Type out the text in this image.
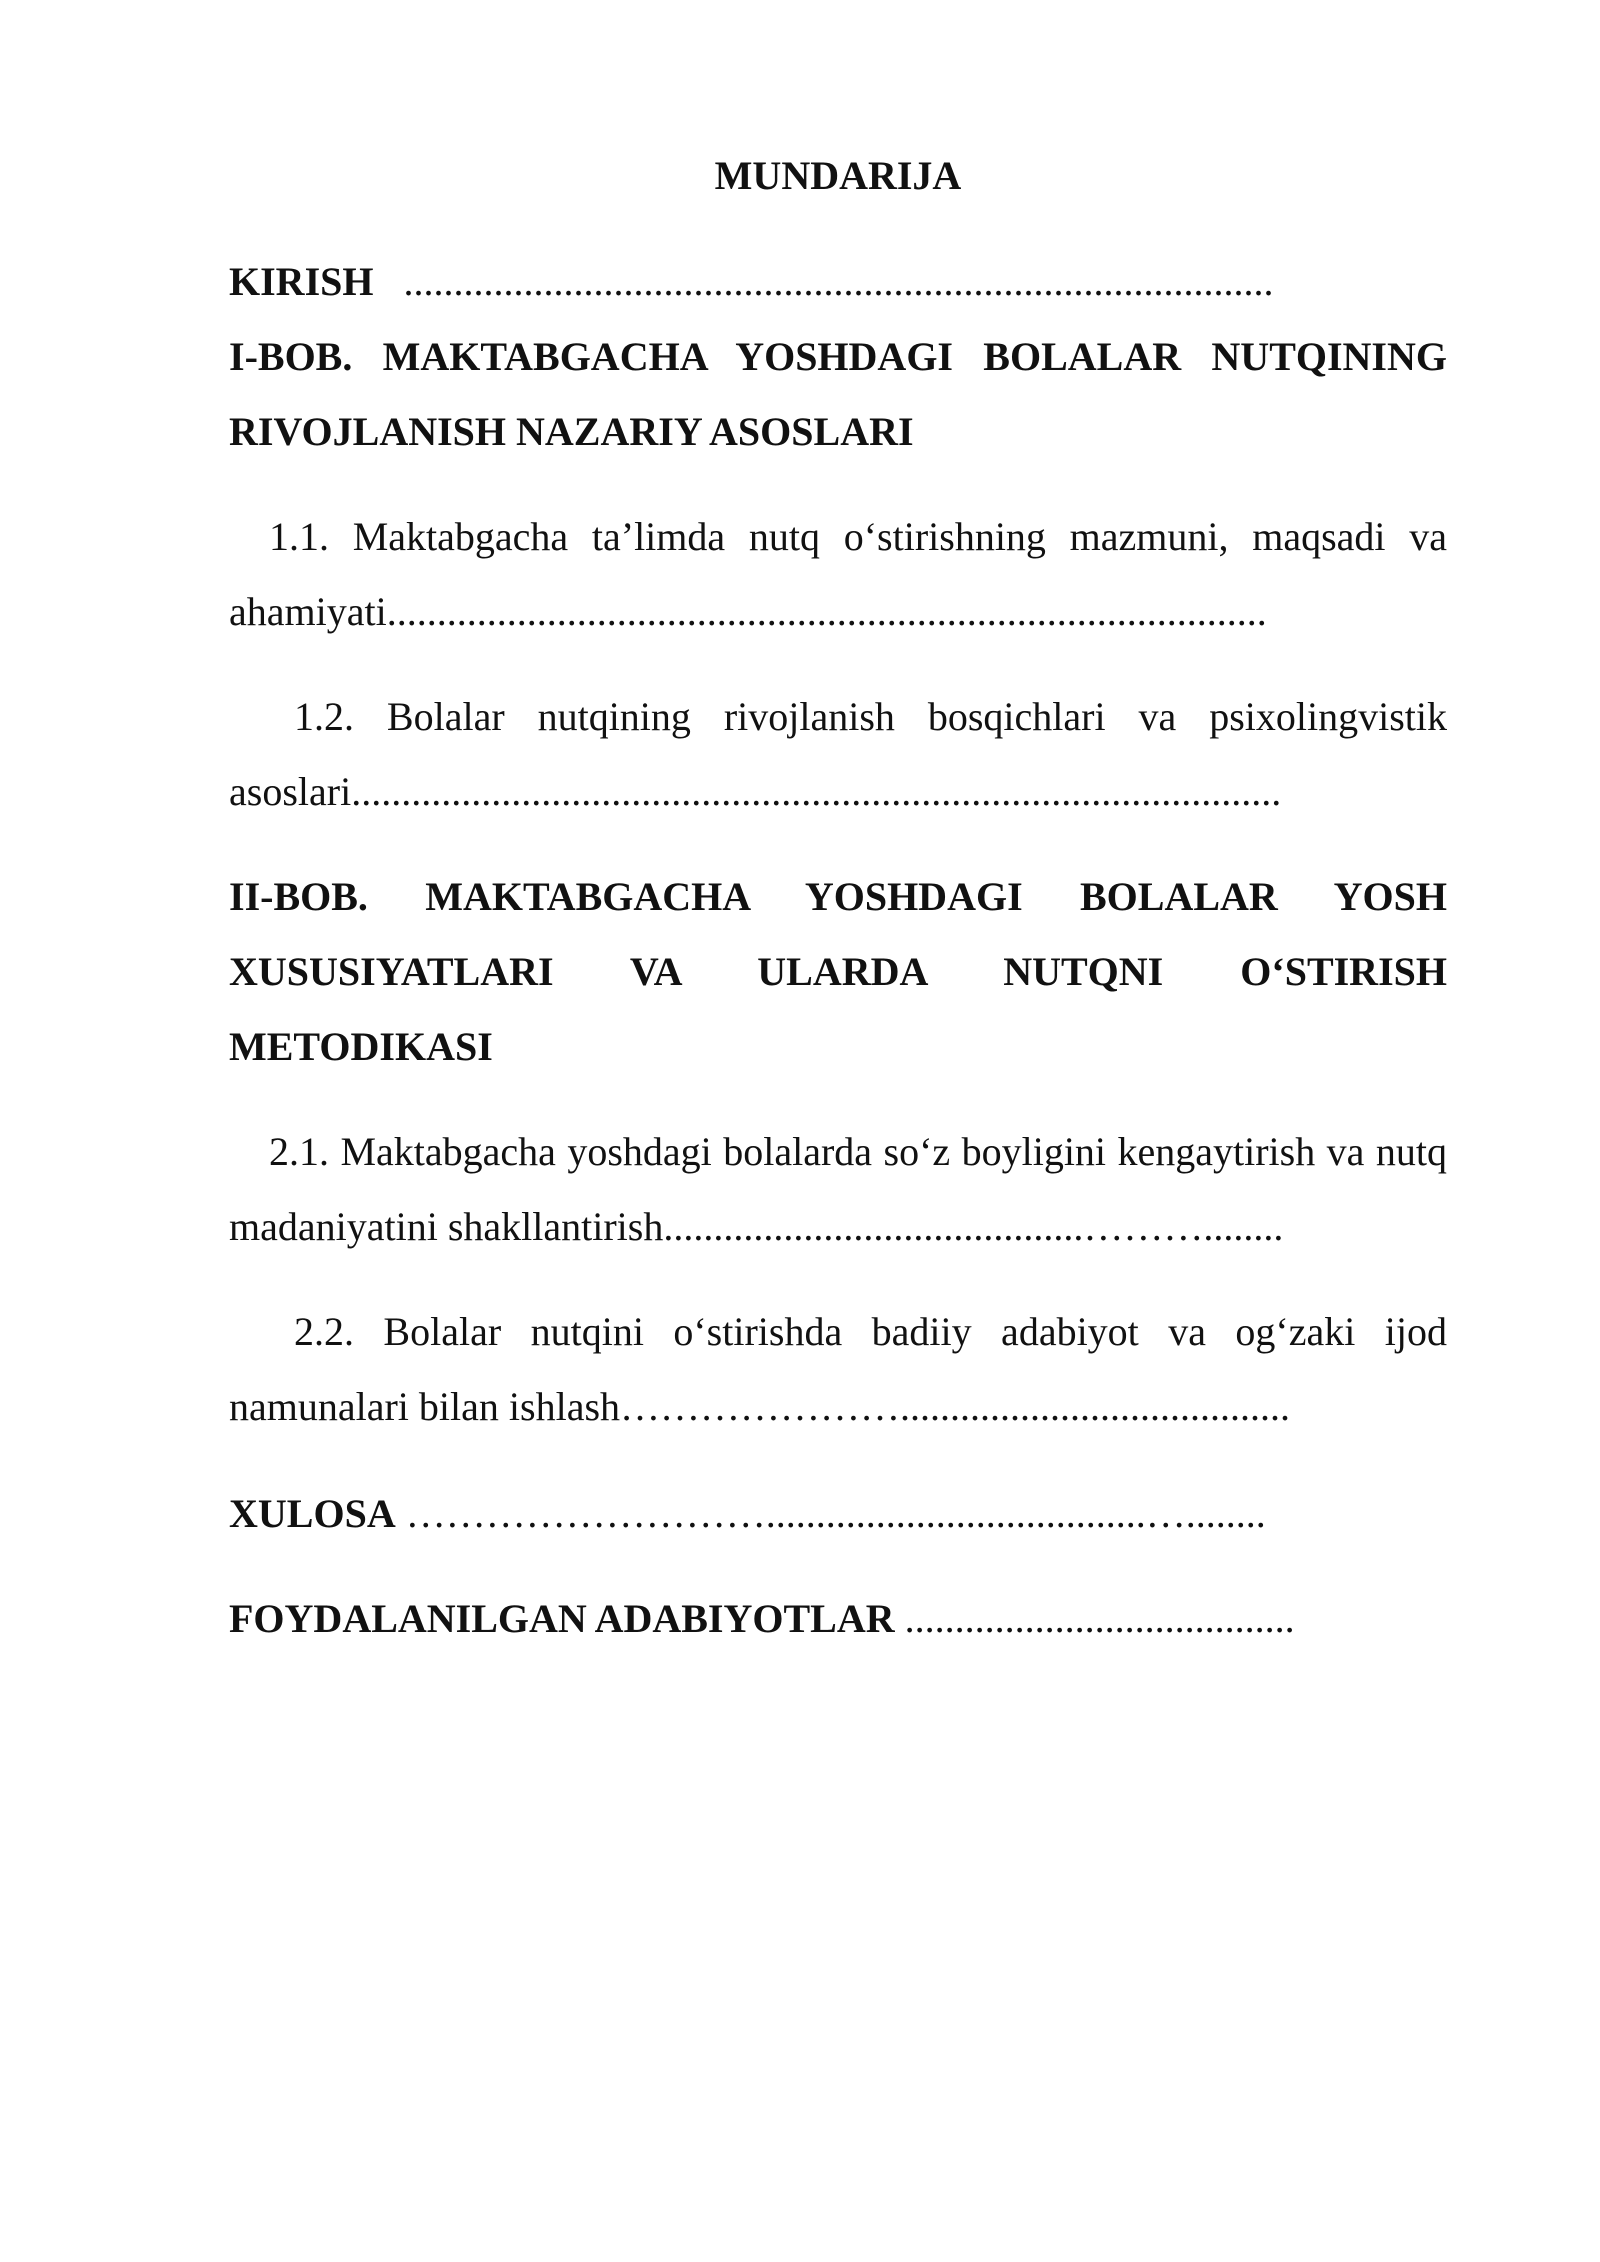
MUNDARIJA

KIRISH .......................................................................................

I-BOB. MAKTABGACHA YOSHDAGI BOLALAR NUTQINING RIVOJLANISH NAZARIY ASOSLARI

1.1. Maktabgacha ta’limda nutq o‘stirishning mazmuni, maqsadi va ahamiyati........................................................................................

1.2. Bolalar nutqining rivojlanish bosqichlari va psixolingvistik asoslari.............................................................................................

II-BOB. MAKTABGACHA YOSHDAGI BOLALAR YOSH XUSUSIYATLARI VA ULARDA NUTQNI O‘STIRISH METODIKASI

2.1. Maktabgacha yoshdagi bolalarda so‘z boyligini kengaytirish va nutq madaniyatini shakllantirish..........................................………........

2.2. Bolalar nutqini o‘stirishda badiiy adabiyot va og‘zaki ijod namunalari bilan ishlash………………….......................................

XULOSA ………………………......................................…........

FOYDALANILGAN ADABIYOTLAR .......................................
